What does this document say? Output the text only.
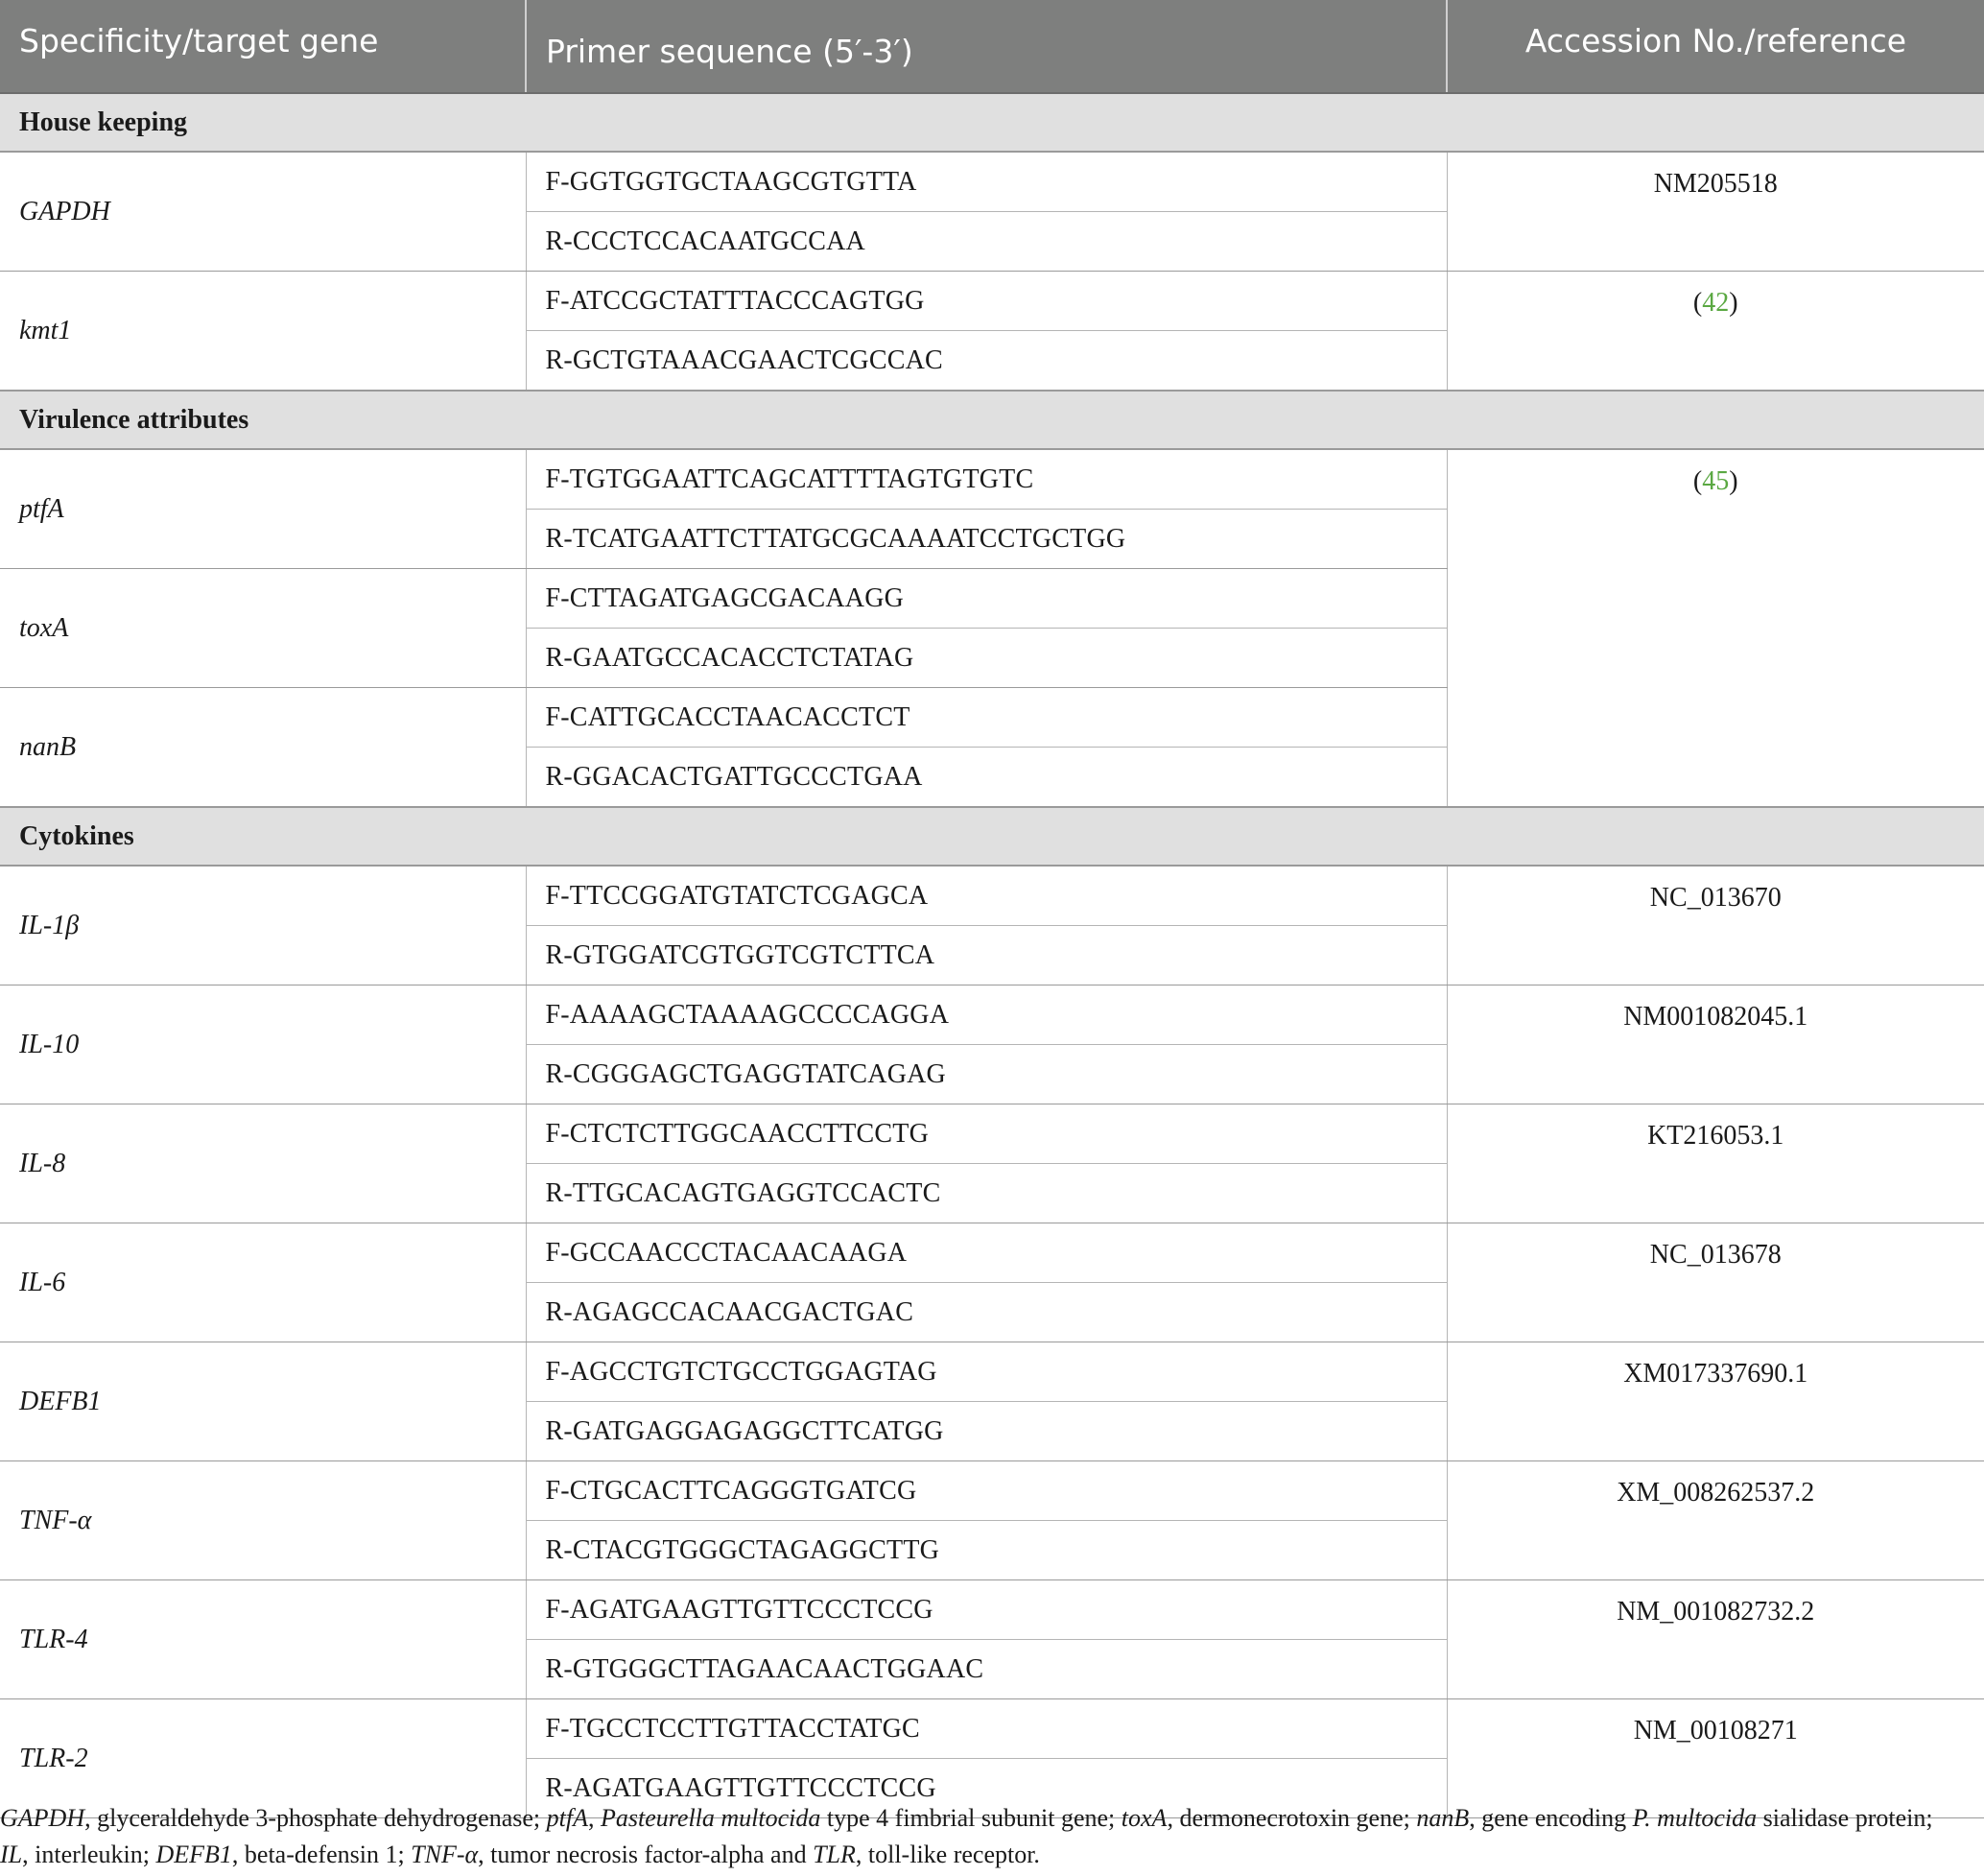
Specificity/target gene	Primer sequence (5′-3′)	Accession No./reference
House keeping		
GAPDH	F-GGTGGTGCTAAGCGTGTTA	NM205518
	R-CCCTCCACAATGCCAA	
kmt1	F-ATCCGCTATTTACCCAGTGG	(42)
	R-GCTGTAAACGAACTCGCCAC	
Virulence attributes		
ptfA	F-TGTGGAATTCAGCATTTTAGTGTGTC	(45)
	R-TCATGAATTCTTATGCGCAAAATCCTGCTGG	
toxA	F-CTTAGATGAGCGACAAGG	
	R-GAATGCCACACCTCTATAG	
nanB	F-CATTGCACCTAACACCTCT	
	R-GGACACTGATTGCCCTGAA	
Cytokines		
IL-1β	F-TTCCGGATGTATCTCGAGCA	NC_013670
	R-GTGGATCGTGGTCGTCTTCA	
IL-10	F-AAAAGCTAAAAGCCCCAGGA	NM001082045.1
	R-CGGGAGCTGAGGTATCAGAG	
IL-8	F-CTCTCTTGGCAACCTTCCTG	KT216053.1
	R-TTGCACAGTGAGGTCCACTC	
IL-6	F-GCCAACCCTACAACAAGA	NC_013678
	R-AGAGCCACAACGACTGAC	
DEFB1	F-AGCCTGTCTGCCTGGAGTAG	XM017337690.1
	R-GATGAGGAGAGGCTTCATGG	
TNF-α	F-CTGCACTTCAGGGTGATCG	XM_008262537.2
	R-CTACGTGGGCTAGAGGCTTG	
TLR-4	F-AGATGAAGTTGTTCCCTCCG	NM_001082732.2
	R-GTGGGCTTAGAACAACTGGAAC	
TLR-2	F-TGCCTCCTTGTTACCTATGC	NM_00108271
	R-AGATGAAGTTGTTCCCTCCG	

GAPDH, glyceraldehyde 3-phosphate dehydrogenase; ptfA, Pasteurella multocida type 4 fimbrial subunit gene; toxA, dermonecrotoxin gene; nanB, gene encoding P. multocida sialidase protein;
IL, interleukin; DEFB1, beta-defensin 1; TNF-α, tumor necrosis factor-alpha and TLR, toll-like receptor.
